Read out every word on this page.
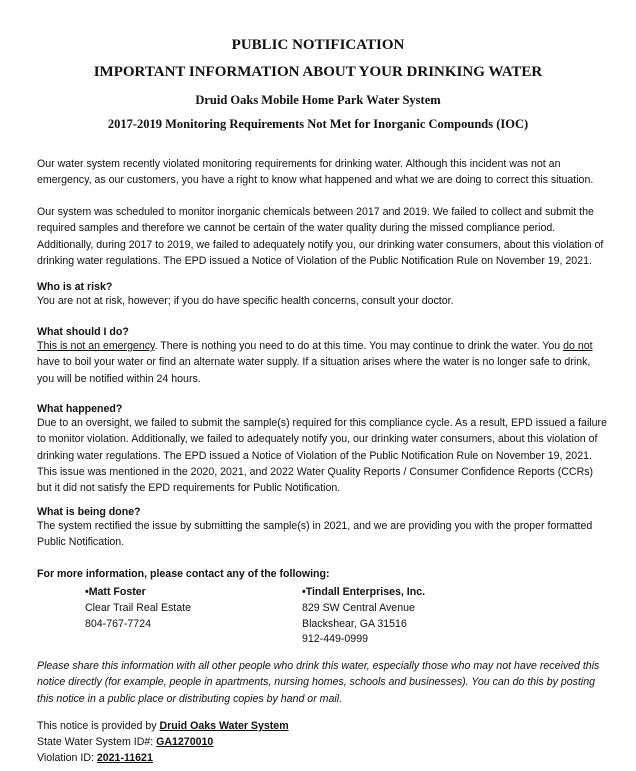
PUBLIC NOTIFICATION
IMPORTANT INFORMATION ABOUT YOUR DRINKING WATER
Druid Oaks Mobile Home Park Water System
2017-2019 Monitoring Requirements Not Met for Inorganic Compounds (IOC)

Our water system recently violated monitoring requirements for drinking water. Although this incident was not an emergency, as our customers, you have a right to know what happened and what we are doing to correct this situation.

Our system was scheduled to monitor inorganic chemicals between 2017 and 2019. We failed to collect and submit the required samples and therefore we cannot be certain of the water quality during the missed compliance period. Additionally, during 2017 to 2019, we failed to adequately notify you, our drinking water consumers, about this violation of drinking water regulations. The EPD issued a Notice of Violation of the Public Notification Rule on November 19, 2021.

Who is at risk?

You are not at risk, however; if you do have specific health concerns, consult your doctor.

What should I do?

This is not an emergency. There is nothing you need to do at this time. You may continue to drink the water. You do not have to boil your water or find an alternate water supply. If a situation arises where the water is no longer safe to drink, you will be notified within 24 hours.

What happened?

Due to an oversight, we failed to submit the sample(s) required for this compliance cycle. As a result, EPD issued a failure to monitor violation. Additionally, we failed to adequately notify you, our drinking water consumers, about this violation of drinking water regulations. The EPD issued a Notice of Violation of the Public Notification Rule on November 19, 2021. This issue was mentioned in the 2020, 2021, and 2022 Water Quality Reports / Consumer Confidence Reports (CCRs) but it did not satisfy the EPD requirements for Public Notification.

What is being done?

The system rectified the issue by submitting the sample(s) in 2021, and we are providing you with the proper formatted Public Notification.

For more information, please contact any of the following:

•Matt Foster
Clear Trail Real Estate
804-767-7724
•Tindall Enterprises, Inc.
829 SW Central Avenue
Blackshear, GA 31516
912-449-0999

Please share this information with all other people who drink this water, especially those who may not have received this notice directly (for example, people in apartments, nursing homes, schools and businesses). You can do this by posting this notice in a public place or distributing copies by hand or mail.

This notice is provided by Druid Oaks Water System
State Water System ID#: GA1270010
Violation ID: 2021-11621
